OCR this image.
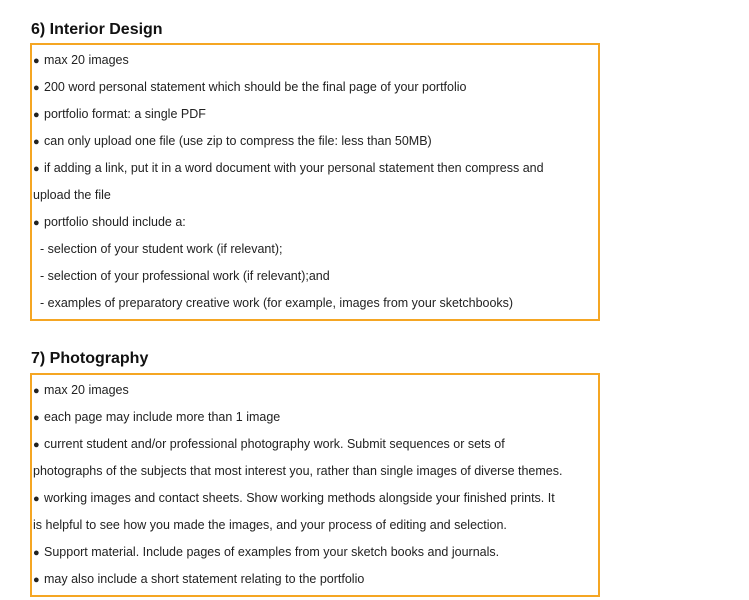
6) Interior Design
● max 20 images
● 200 word personal statement which should be the final page of your portfolio
● portfolio format: a single PDF
● can only upload one file (use zip to compress the file: less than 50MB)
● if adding a link, put it in a word document with your personal statement then compress and
upload the file
● portfolio should include a:
- selection of your student work (if relevant);
- selection of your professional work (if relevant);and
- examples of preparatory creative work (for example, images from your sketchbooks)
7) Photography
● max 20 images
● each page may include more than 1 image
● current student and/or professional photography work. Submit sequences or sets of
photographs of the subjects that most interest you, rather than single images of diverse themes.
● working images and contact sheets. Show working methods alongside your finished prints. It
is helpful to see how you made the images, and your process of editing and selection.
● Support material. Include pages of examples from your sketch books and journals.
● may also include a short statement relating to the portfolio
